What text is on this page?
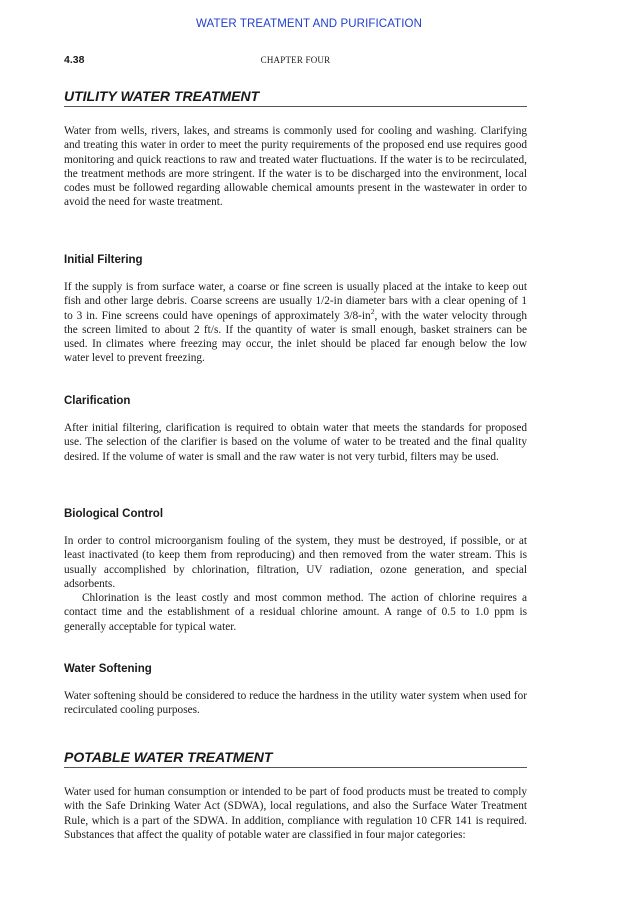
WATER TREATMENT AND PURIFICATION
4.38	CHAPTER FOUR
UTILITY WATER TREATMENT

Water from wells, rivers, lakes, and streams is commonly used for cooling and washing. Clarifying and treating this water in order to meet the purity requirements of the proposed end use requires good monitoring and quick reactions to raw and treated water fluctuations. If the water is to be recirculated, the treatment methods are more stringent. If the water is to be discharged into the environment, local codes must be followed regarding allowable chemical amounts present in the wastewater in order to avoid the need for waste treatment.

Initial Filtering

If the supply is from surface water, a coarse or fine screen is usually placed at the intake to keep out fish and other large debris. Coarse screens are usually 1/2-in diameter bars with a clear opening of 1 to 3 in. Fine screens could have openings of approximately $3/8-in^2$, with the water velocity through the screen limited to about 2 ft/s. If the quantity of water is small enough, basket strainers can be used. In climates where freezing may occur, the inlet should be placed far enough below the low water level to prevent freezing.

Clarification

After initial filtering, clarification is required to obtain water that meets the standards for proposed use. The selection of the clarifier is based on the volume of water to be treated and the final quality desired. If the volume of water is small and the raw water is not very turbid, filters may be used.

Biological Control

In order to control microorganism fouling of the system, they must be destroyed, if possible, or at least inactivated (to keep them from reproducing) and then removed from the water stream. This is usually accomplished by chlorination, filtration, UV radiation, ozone generation, and special adsorbents.

Chlorination is the least costly and most common method. The action of chlorine requires a contact time and the establishment of a residual chlorine amount. A range of 0.5 to 1.0 ppm is generally acceptable for typical water.

Water Softening

Water softening should be considered to reduce the hardness in the utility water system when used for recirculated cooling purposes.

POTABLE WATER TREATMENT

Water used for human consumption or intended to be part of food products must be treated to comply with the Safe Drinking Water Act (SDWA), local regulations, and also the Surface Water Treatment Rule, which is a part of the SDWA. In addition, compliance with regulation 10 CFR 141 is required. Substances that affect the quality of potable water are classified in four major categories:
